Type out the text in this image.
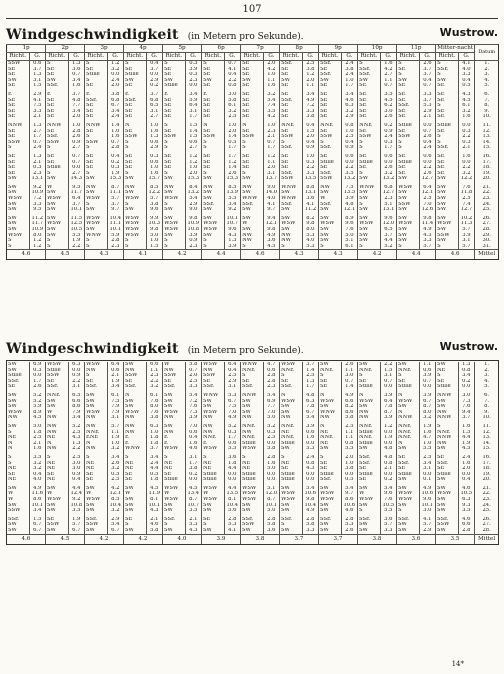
107
Windgeschwindigkeit (in Metern pro Sekunde).	Wustrow.
1p		2p		3p		4p		5p		6p		7p		8p		9p		10p		11p		Mitter-nacht		Datum
Richt.	G.	Richt.	G.	Richt.	G.	Richt.	G.	Richt.	G.	Richt.	G.	Richt.	G.	Richt.	G.	Richt.	G.	Richt.	G.	Richt.	G.	Richt.	G.	
SSW	0.6	S	1.3	S	1.2	S	0.4	S	0.3	S	0.7	SE	2.0	SSE	2.5	SSE	2.4	S	1.6	S	2.6	S	4.1	1.
SE	3.7	SE	3.6	SE	3.2	SE	3.7	SE	3.9	SE	4.1	SE	4.2	SE	3.8	SE	3.8	SSE	4.2	SE	3.7	SSE	4.0	2.
SE	1.3	SE	0.7	Stille	0.0	Stille	0.0	SE	0.3	SE	0.4	SE	1.0	SE	1.2	SSE	2.4	SSE	2.7	S	3.7	S	3.3	3.
SW	3.1	SW	3.4	S	2.4	SW	2.9	SW	2.3	SW	2.2	SW	1.1	SW	2.0	SW	1.0	SW	1.1	SW	0.4	SW	0.4	4.
SE	1.5	SSE	1.6	SE	2.0	SE	0.2	Stille	0.0	SE	0.8	SE	1.6	SE	1.1	SE	1.7	SE	0.7	SE	0.7	SE	0.5	5.

E	2.9	E	3.7	E	3.8	E	3.7	E	3.4	E	3.0	SE	3.2	SE	3.4	SE	3.4	SE	3.5	SE	3.3	SE	4.3	6.
SE	4.1	SE	4.8	SSE	6.8	SSE	6.8	SE	5.9	SE	5.8	SE	5.4	SSE	4.9	SE	4.6	SE	4.5	SE	3.7	SE	4.5	7.
SE	7.5	SE	7.7	SE	6.7	SE	6.5	SE	6.4	SE	6.1	SE	7.4	SE	7.2	SE	6.3	SE	6.2	SSE	5.3	S	6.1	8.
SE	3.3	SE	3.4	SE	3.4	SE	3.1	SE	3.1	SE	3.2	SE	3.5	SE	3.3	SE	3.2	SE	3.0	SE	2.9	SE	3.2	9.
SE	2.1	SE	2.0	SE	2.4	SE	2.7	SE	1.7	SE	2.5	SE	4.2	SE	3.8	SE	2.9	SE	2.6	SE	2.1	SE	1.6	10.

NNW	1.3	NNW	1.0	NNW	1.4	N	1.0	S	1.5	N	1.0	N	1.0	NNE	0.4	NNE	0.8	NNE	0.2	Stille	0.0	Stille	0.0	11.
SE	2.7	SE	2.8	SE	1.0	SE	1.6	SE	1.4	SE	2.0	SE	2.3	SE	1.5	SE	1.0	SE	0.9	SE	0.7	SE	0.3	12.
SE	1.7	SSE	2.6	S	1.6	SSW	1.3	SSW	1.5	SSW	1.4	SSW	2.1	SSW	2.0	SSW	2.5	SSW	2.4	SSW	2.6	S	2.2	13.
SSW	0.7	SSW	0.9	SSW	0.7	S	0.6	S	0.6	S	0.5	S	0.7	S	0.4	S	0.4	S	0.3	S	0.4	S	0.3	14.
S	2.4	S	2.7	S	2.8	S	2.9	S	2.7	S	1.7	S	1.7	SSE	0.9	SSE	0.9	S	1.7	S	2.4	SSE	2.1	15.

SE	1.3	SE	0.7	SE	0.4	SE	0.3	SE	1.2	SE	1.7	SE	1.2	SE	1.0	SE	0.6	SE	0.6	SE	0.6	SE	1.6	16.
SE	2.1	SE	0.7	SE	0.2	SE	0.6	SE	1.2	SE	1.2	SE	1.1	SE	0.3	Stille	0.0	Stille	0.0	Stille	0.0	SE	0.0	17.
SE	0.3	Stille	0.0	SE	0.3	SE	1.0	SE	1.0	SE	1.4	SE	2.0	SE	2.2	SE	2.2	SE	2.6	SE	2.2	SE	2.2	18.
SE	2.3	S	2.7	S	1.9	S	1.6	S	2.0	S	2.6	S	3.1	SSE	3.3	SSE	3.5	S	3.2	SE	2.6	SE	3.2	19.
SW	13.1	SW	14.3	SW	15.3	SW	15.7	SW	15.3	SW	15.3	SW	13.7	SSW	13.5	SSW	13.2	SW	13.2	SW	12.7	SW	12.2	20.

SW	9.2	W	9.5	NW	8.7	NW	8.5	NW	8.4	NW	8.5	NW	9.0	WNW	8.8	NW	7.5	WNW	6.8	WSW	6.4	SW	7.6	21.
SW	10.9	SW	11.7	SW	11.1	SW	12.2	SW	13.2	SW	13.9	SW	14.0	SW	13.1	SW	13.5	SW	12.7	SW	12.1	SW	11.8	22.
WSW	7.2	WSW	6.4	WSW	5.7	WSW	5.7	WSW	5.4	SW	5.5	WNW	4.0	WNW	3.6	W	3.9	SW	2.3	SW	2.5	SW	2.5	23.
SW	3.3	SW	3.7	S	3.7	S	3.8	S	2.9	SSE	3.4	SSE	4.1	SSE	4.1	SSE	4.8	S	5.1	SSW	7.0	SW	7.4	24.
SW	9.5	SW	10.1	SW	9.7	SW	9.6	SW	9.0	SW	9.2	SW	9.7	SW	11.2	SW	12.1	SW	13.1	SW	12.6	SW	12.7	25.

SW	11.2	SW	11.5	WSW	10.4	WSW	9.9	SW	9.8	SW	10.1	SW	9.4	SW	8.2	SW	8.9	SW	9.6	SW	9.8	SW	10.2	26.
SW	11.7	WSW	12.5	WSW	11.1	WSW	10.3	WSW	10.9	WSW	10.7	W	12.1	WSW	9.8	WSW	9.6	WSW	12.0	WSW	11.4	WSW	11.3	27.
SW	10.9	SW	10.5	SW	10.1	WSW	9.8	WSW	10.8	WSW	9.6	SW	9.8	SW	8.0	SW	7.6	SW	6.5	SW	4.9	SW	5.7	28.
WSW	8.0	SW	5.5	WNW	5.9	WSW	5.0	SW	3.9	SW	4.3	NW	4.9	NW	5.3	SW	5.0	SW	3.7	SW	4.3	SSW	3.9	29.
S	1.2	S	1.9	S	2.8	S	1.0	S	0.9	S	1.3	NW	3.6	NW	4.0	SW	5.1	SW	4.4	SW	3.3	SW	3.1	30.
S	1.2	S	2.2	S	2.3	S	1.5	S	2.3	S	3.9	S	4.5	S	5.3	S	6.1	S	5.2	S	5.7	S	5.7	31.
4.6		4.5		4.3		4.1		4.2		4.4		4.6		4.3		4.3		4.2		4.4		4.6		Mittel
Windgeschwindigkeit (in Metern pro Sekunde).	Wustrow.

SW	6.9	WSW	6.3	WSW	6.4	SW	6.6	W	5.8	WSW	6.4	WNW	4.7	WSW	3.7	SW	2.6	SW	2.2	SW	1.1	SW	1.3	1.
SW	0.3	Stille	0.0	NW	0.6	NW	1.1	NW	0.7	NW	0.4	NNE	0.6	NNE	1.4	NNE	1.1	NNE	1.5	NNE	0.6	NE	0.8	2.
Stille	0.0	SSW	0.9	S	2.1	SSW	2.3	SSW	2.0	SSW	2.5	S	2.8	S	2.5	S	3.0	S	3.1	S	3.9	S	3.4	3.
SSE	1.7	SE	2.2	SE	1.9	SE	2.2	SE	2.5	SE	2.9	SE	2.8	SE	1.3	SE	0.7	SE	0.7	SE	0.7	SE	0.2	4.
SE	2.6	SSE	3.1	SSE	3.4	SSE	3.2	SSE	3.3	SSE	3.1	SSE	2.3	SSE	1.7	SE	1.4	Stille	0.0	Stille	0.0	Stille	0.0	5.

SW	5.2	NNE	6.5	SW	6.1	N	6.1	SW	5.4	WNW	5.3	NNW	5.4	N	4.8	N	4.9	N	3.9	N	3.9	NNW	3.0	6.
SW	5.2	SW	6.6	SW	7.5	SW	7.6	SW	7.2	SW	6.7	SW	6.9	WSW	6.3	WSW	6.6	WSW	6.4	WSW	6.7	SW	7.3	7.
SW	5.9	SW	8.6	SW	7.9	SW	8.0	SW	7.6	SW	7.5	SW	7.7	SW	7.8	SW	8.2	SW	7.8	SW	8.7	SW	7.6	8.
WSW	8.9	W	7.9	WSW	7.9	WSW	7.6	WSW	7.3	WSW	7.0	SW	7.0	SW	6.7	WNW	8.6	NW	8.7	N	8.0	NW	9.4	9.
NW	4.5	NW	3.4	NW	3.1	NW	3.8	NW	3.9	NW	4.9	NW	5.0	NW	5.4	NW	5.8	NW	3.9	NNW	3.2	NNW	3.7	10.

SW	5.0	NW	5.2	NW	5.7	NW	6.3	SW	7.0	NW	5.2	NNE	5.2	NNE	3.9	N	2.5	NNE	1.2	NNE	1.9	S	1.6	11.
S	1.8	NW	2.5	NNE	1.1	NW	1.0	NW	0.6	NW	0.3	NW	0.3	NE	0.6	NE	1.1	Stille	0.0	NNE	1.6	NNE	1.5	12.
NE	2.5	NE	4.3	ENE	1.9	E	1.8	E	0.4	NNE	1.7	NNE	2.5	NNE	1.6	NNE	1.1	NNE	1.9	NNE	4.7	NNW	4.4	13.
N	2.1	N	1.3	N	1.0	E	1.8	E	1.6	E	0.6	Stille	0.0	Stille	0.0	NE	0.8	Stille	0.0	N	1.0	NW	1.9	14.
N	1.6	NW	2.2	NW	3.2	WNW	3.7	WSW	4.6	WSW	5.5	WSW	5.8	SW	5.3	SW	5.5	SW	4.8	SW	5.5	SW	4.5	15.

S	3.5	S	2.5	S	3.4	S	3.4	S	3.1	S	3.6	S	2.8	S	2.4	S	2.0	SSE	4.8	SE	2.5	SE	2.4	16.
S	3.2	NE	3.0	NE	2.6	NE	2.4	NE	1.7	NE	1.8	NE	1.6	NE	0.8	SE	1.0	SSE	0.8	SSE	3.4	SSE	1.6	17.
NE	3.2	NE	3.0	NE	3.2	NE	4.4	NE	3.8	NE	4.4	NE	5.0	SE	4.3	SE	3.8	SE	2.1	SE	3.1	SE	2.0	18.
SE	0.4	SE	0.9	SE	0.5	SE	0.5	SE	0.2	Stille	0.0	Stille	0.0	Stille	0.0	Stille	0.0	Stille	0.0	Stille	0.0	Stille	0.0	19.
NE	4.0	NE	0.4	SE	2.5	SE	1.8	Stille	0.0	Stille	0.0	Stille	0.0	Stille	0.0	SSE	0.5	SE	0.2	SW	0.1	SW	0.4	20.

SW	4.9	SW	4.4	SW	4.2	SW	4.5	WSW	4.5	WSW	4.4	WSW	5.1	SW	5.4	SW	5.4	SW	5.4	SW	4.9	SW	4.6	21.
W	11.6	W	12.4	W	12.1	W	11.9	W	13.4	W	13.5	WSW	12.0	WSW	10.6	WSW	9.7	W	9.6	WSW	10.6	WSW	10.5	22.
W	8.6	WSW	9.2	WSW	8.5	SW	8.1	WSW	8.7	WSW	8.1	WSW	8.7	WSW	9.8	WSW	8.6	WSW	7.6	WSW	9.6	SW	6.3	23.
SW	10.1	SW	10.8	SW	10.4	SW	10.1	SW	10.7	SW	10.4	SW	10.1	SW	10.4	SW	10.6	SW	10.5	SW	10.1	SW	9.3	24.
SSW	3.4	SW	3.5	SW	3.2	SW	4.3	SW	3.5	SW	5.6	SW	5.0	SW	4.9	SW	4.6	S	5.5	S	3.0	SW	3.5	25.

SSE	1.5	SE	1.9	SSE	2.9	SE	2.1	SSE	2.1	SE	2.8	SSE	2.8	SSE	2.8	SSE	2.8	SSE	3.6	SSE	4.1	SSE	4.6	26.
SW	6.7	SSW	5.7	SSW	5.4	S	4.6	S	5.3	S	5.3	SSW	5.8	S	5.8	SW	5.3	SW	5.7	SW	5.7	SSW	6.6	27.
SW	6.7	SW	6.7	SW	6.7	SW	5.8	SW	4.3	SW	4.1	SW	3.6	SW	3.3	SW	2.6	SW	3.3	SW	2.9	SW	2.8	28.
4.6		4.5		4.2		4.2		4.0		3.9		3.8		3.7		3.7		3.8		3.6		3.5		Mittel
14*
